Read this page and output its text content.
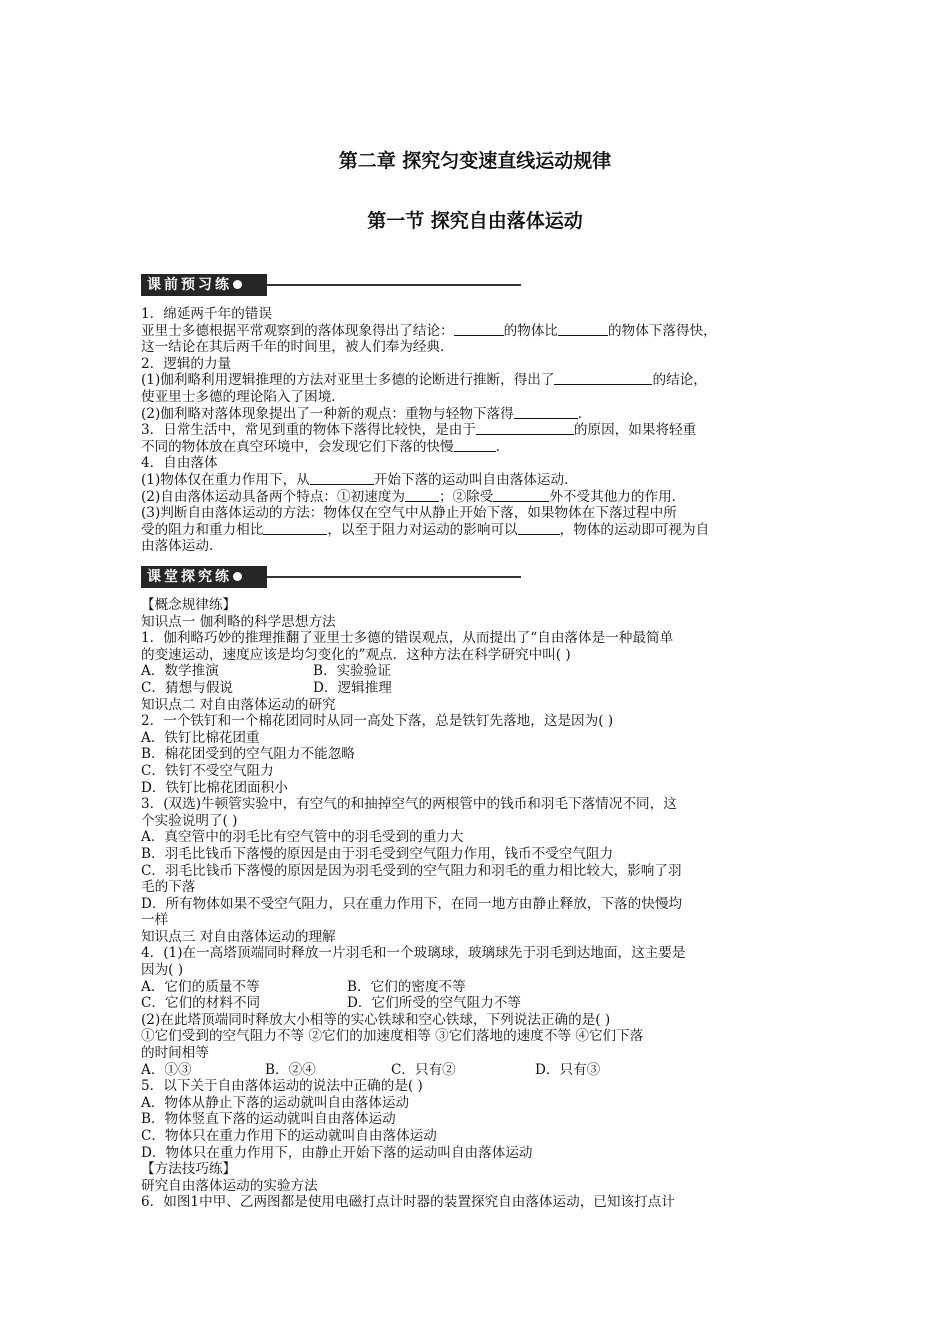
第二章 探究匀变速直线运动规律
第一节 探究自由落体运动
课前预习练
1．绵延两千年的错误
亚里士多德根据平常观察到的落体现象得出了结论：	的物体比	的物体下落得快，
这一结论在其后两千年的时间里，被人们奉为经典．
2．逻辑的力量
(1)伽利略利用逻辑推理的方法对亚里士多德的论断进行推断，得出了	的结论，
使亚里士多德的理论陷入了困境．
(2)伽利略对落体现象提出了一种新的观点：重物与轻物下落得	．
3．日常生活中，常见到重的物体下落得比较快，是由于	的原因，如果将轻重
不同的物体放在真空环境中，会发现它们下落的快慢	．
4．自由落体
(1)物体仅在重力作用下，从	开始下落的运动叫自由落体运动．
(2)自由落体运动具备两个特点：①初速度为	；②除受	外不受其他力的作用．
(3)判断自由落体运动的方法：物体仅在空气中从静止开始下落，如果物体在下落过程中所
受的阻力和重力相比	，以至于阻力对运动的影响可以	，物体的运动即可视为自
由落体运动．
课堂探究练
【概念规律练】
知识点一 伽利略的科学思想方法
1．伽利略巧妙的推理推翻了亚里士多德的错误观点，从而提出了“自由落体是一种最简单
的变速运动，速度应该是均匀变化的”观点．这种方法在科学研究中叫( )
A．数学推演	B．实验验证
C．猜想与假说	D．逻辑推理
知识点二 对自由落体运动的研究
2．一个铁钉和一个棉花团同时从同一高处下落，总是铁钉先落地，这是因为( )
A．铁钉比棉花团重
B．棉花团受到的空气阻力不能忽略
C．铁钉不受空气阻力
D．铁钉比棉花团面积小
3．(双选)牛顿管实验中，有空气的和抽掉空气的两根管中的钱币和羽毛下落情况不同，这
个实验说明了( )
A．真空管中的羽毛比有空气管中的羽毛受到的重力大
B．羽毛比钱币下落慢的原因是由于羽毛受到空气阻力作用，钱币不受空气阻力
C．羽毛比钱币下落慢的原因是因为羽毛受到的空气阻力和羽毛的重力相比较大，影响了羽
毛的下落
D．所有物体如果不受空气阻力，只在重力作用下，在同一地方由静止释放，下落的快慢均
一样
知识点三 对自由落体运动的理解
4．(1)在一高塔顶端同时释放一片羽毛和一个玻璃球，玻璃球先于羽毛到达地面，这主要是
因为( )
A．它们的质量不等	B．它们的密度不等
C．它们的材料不同	D．它们所受的空气阻力不等
(2)在此塔顶端同时释放大小相等的实心铁球和空心铁球，下列说法正确的是( )
①它们受到的空气阻力不等 ②它们的加速度相等 ③它们落地的速度不等 ④它们下落
的时间相等
A．①③	B．②④	C．只有②	D．只有③
5．以下关于自由落体运动的说法中正确的是( )
A．物体从静止下落的运动就叫自由落体运动
B．物体竖直下落的运动就叫自由落体运动
C．物体只在重力作用下的运动就叫自由落体运动
D．物体只在重力作用下，由静止开始下落的运动叫自由落体运动
【方法技巧练】
研究自由落体运动的实验方法
6．如图1中甲、乙两图都是使用电磁打点计时器的装置探究自由落体运动，已知该打点计
